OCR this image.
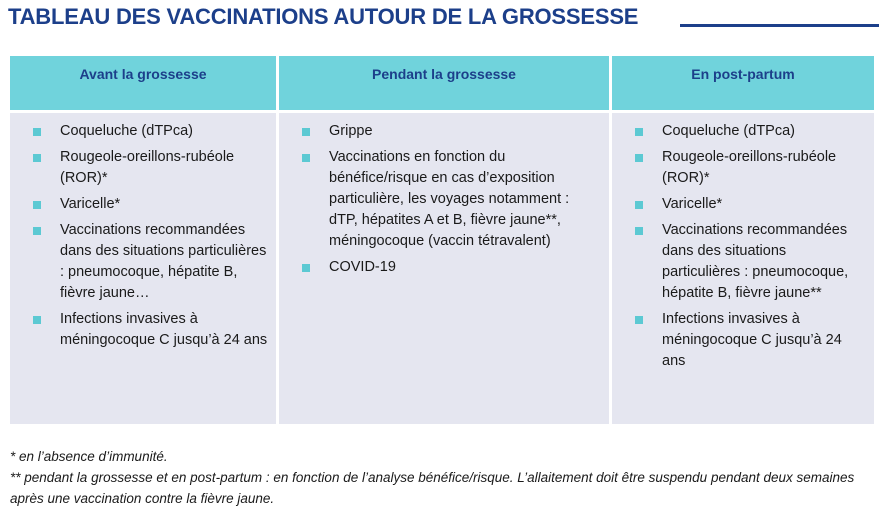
TABLEAU DES VACCINATIONS AUTOUR DE LA GROSSESSE
Avant la grossesse
Coqueluche (dTPca)
Rougeole-oreillons-rubéole (ROR)*
Varicelle*
Vaccinations recommandées dans des situations particulières : pneumocoque, hépatite B, fièvre jaune…
Infections invasives à méningocoque C jusqu’à 24 ans
Pendant la grossesse
Grippe
Vaccinations en fonction du bénéfice/risque en cas d’exposition particulière, les voyages notamment : dTP, hépatites A et B, fièvre jaune**, méningocoque (vaccin tétravalent)
COVID-19
En post-partum
Coqueluche (dTPca)
Rougeole-oreillons-rubéole (ROR)*
Varicelle*
Vaccinations recommandées dans des situations particulières : pneumocoque, hépatite B, fièvre jaune**
Infections invasives à méningocoque C jusqu’à 24 ans

* en l’absence d’immunité.

** pendant la grossesse et en post-partum : en fonction de l’analyse bénéfice/risque. L’allaitement doit être suspendu pendant deux semaines après une vaccination contre la fièvre jaune.
